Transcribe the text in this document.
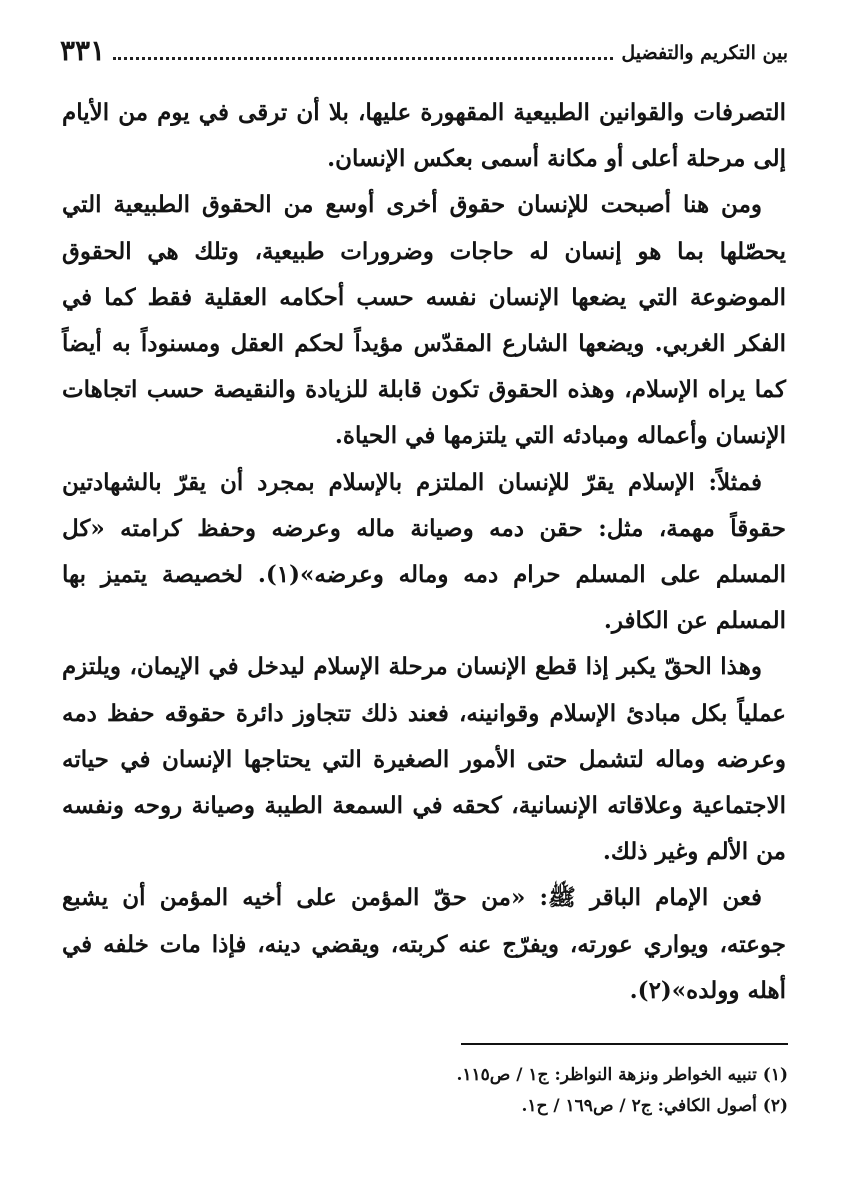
بين التكريم والتفضيل
٣٣١

التصرفات والقوانين الطبيعية المقهورة عليها، بلا أن ترقى في يوم من الأيام إلى مرحلة أعلى أو مكانة أسمى بعكس الإنسان.

ومن هنا أصبحت للإنسان حقوق أخرى أوسع من الحقوق الطبيعية التي يحصّلها بما هو إنسان له حاجات وضرورات طبيعية، وتلك هي الحقوق الموضوعة التي يضعها الإنسان نفسه حسب أحكامه العقلية فقط كما في الفكر الغربي. ويضعها الشارع المقدّس مؤيداً لحكم العقل ومسنوداً به أيضاً كما يراه الإسلام، وهذه الحقوق تكون قابلة للزيادة والنقيصة حسب اتجاهات الإنسان وأعماله ومبادئه التي يلتزمها في الحياة.

فمثلاً: الإسلام يقرّ للإنسان الملتزم بالإسلام بمجرد أن يقرّ بالشهادتين حقوقاً مهمة، مثل: حقن دمه وصيانة ماله وعرضه وحفظ كرامته «كل المسلم على المسلم حرام دمه وماله وعرضه»(١). لخصيصة يتميز بها المسلم عن الكافر.

وهذا الحقّ يكبر إذا قطع الإنسان مرحلة الإسلام ليدخل في الإيمان، ويلتزم عملياً بكل مبادئ الإسلام وقوانينه، فعند ذلك تتجاوز دائرة حقوقه حفظ دمه وعرضه وماله لتشمل حتى الأمور الصغيرة التي يحتاجها الإنسان في حياته الاجتماعية وعلاقاته الإنسانية، كحقه في السمعة الطيبة وصيانة روحه ونفسه من الألم وغير ذلك.

فعن الإمام الباقر ﷺ: «من حقّ المؤمن على أخيه المؤمن أن يشبع جوعته، ويواري عورته، ويفرّج عنه كربته، ويقضي دينه، فإذا مات خلفه في أهله وولده»(٢).

(١) تنبيه الخواطر ونزهة النواظر: ج١ / ص١١٥.
(٢) أصول الكافي: ج٢ / ص١٦٩ / ح١.
